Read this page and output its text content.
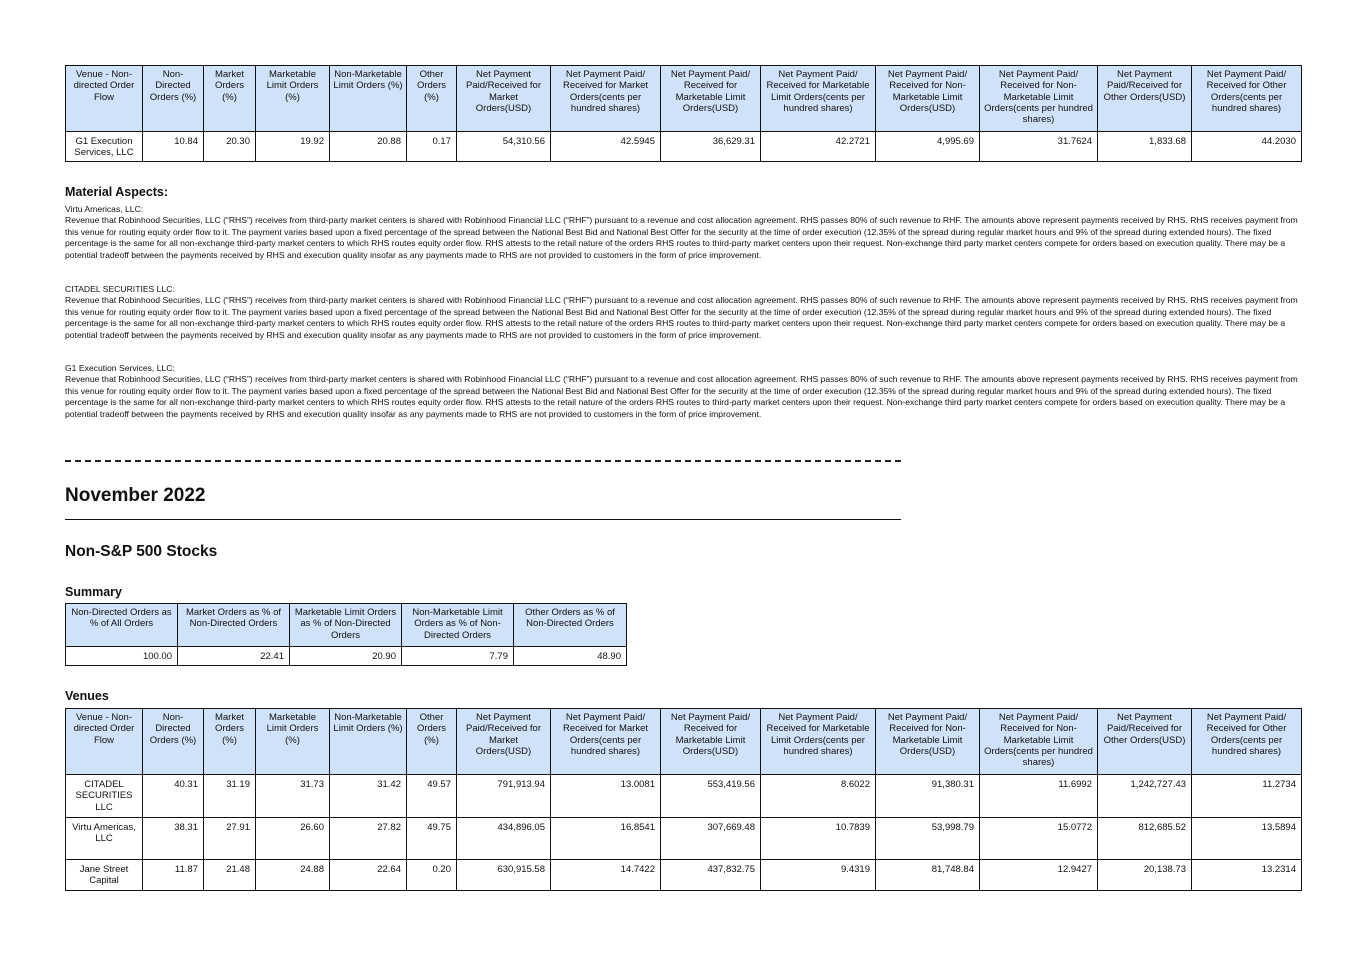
Venue - Non-directed Order Flow	Non-Directed Orders (%)	Market Orders (%)	Marketable Limit Orders (%)	Non-Marketable Limit Orders (%)	Other Orders (%)	Net Payment Paid/Received for Market Orders(USD)	Net Payment Paid/ Received for Market Orders(cents per hundred shares)	Net Payment Paid/ Received for Marketable Limit Orders(USD)	Net Payment Paid/ Received for Marketable Limit Orders(cents per hundred shares)	Net Payment Paid/ Received for Non-Marketable Limit Orders(USD)	Net Payment Paid/ Received for Non-Marketable Limit Orders(cents per hundred shares)	Net Payment Paid/Received for Other Orders(USD)	Net Payment Paid/ Received for Other Orders(cents per hundred shares)
G1 Execution Services, LLC	10.84	20.30	19.92	20.88	0.17	54,310.56	42.5945	36,629.31	42.2721	4,995.69	31.7624	1,833.68	44.2030
Material Aspects:

Virtu Americas, LLC:

Revenue that Robinhood Securities, LLC (“RHS”) receives from third-party market centers is shared with Robinhood Financial LLC (“RHF”) pursuant to a revenue and cost allocation agreement. RHS passes 80% of such revenue to RHF. The amounts above represent payments received by RHS. RHS receives payment from this venue for routing equity order flow to it. The payment varies based upon a fixed percentage of the spread between the National Best Bid and National Best Offer for the security at the time of order execution (12.35% of the spread during regular market hours and 9% of the spread during extended hours). The fixed percentage is the same for all non-exchange third-party market centers to which RHS routes equity order flow. RHS attests to the retail nature of the orders RHS routes to third-party market centers upon their request. Non-exchange third party market centers compete for orders based on execution quality. There may be a potential tradeoff between the payments received by RHS and execution quality insofar as any payments made to RHS are not provided to customers in the form of price improvement.

CITADEL SECURITIES LLC:

Revenue that Robinhood Securities, LLC (“RHS”) receives from third-party market centers is shared with Robinhood Financial LLC (“RHF”) pursuant to a revenue and cost allocation agreement. RHS passes 80% of such revenue to RHF. The amounts above represent payments received by RHS. RHS receives payment from this venue for routing equity order flow to it. The payment varies based upon a fixed percentage of the spread between the National Best Bid and National Best Offer for the security at the time of order execution (12.35% of the spread during regular market hours and 9% of the spread during extended hours). The fixed percentage is the same for all non-exchange third-party market centers to which RHS routes equity order flow. RHS attests to the retail nature of the orders RHS routes to third-party market centers upon their request. Non-exchange third party market centers compete for orders based on execution quality. There may be a potential tradeoff between the payments received by RHS and execution quality insofar as any payments made to RHS are not provided to customers in the form of price improvement.

G1 Execution Services, LLC:

Revenue that Robinhood Securities, LLC (“RHS”) receives from third-party market centers is shared with Robinhood Financial LLC (“RHF”) pursuant to a revenue and cost allocation agreement. RHS passes 80% of such revenue to RHF. The amounts above represent payments received by RHS. RHS receives payment from this venue for routing equity order flow to it. The payment varies based upon a fixed percentage of the spread between the National Best Bid and National Best Offer for the security at the time of order execution (12.35% of the spread during regular market hours and 9% of the spread during extended hours). The fixed percentage is the same for all non-exchange third-party market centers to which RHS routes equity order flow. RHS attests to the retail nature of the orders RHS routes to third-party market centers upon their request. Non-exchange third party market centers compete for orders based on execution quality. There may be a potential tradeoff between the payments received by RHS and execution quality insofar as any payments made to RHS are not provided to customers in the form of price improvement.

November 2022
Non-S&P 500 Stocks
Summary
Non-Directed Orders as % of All Orders	Market Orders as % of Non-Directed Orders	Marketable Limit Orders as % of Non-Directed Orders	Non-Marketable Limit Orders as % of Non-Directed Orders	Other Orders as % of Non-Directed Orders
100.00	22.41	20.90	7.79	48.90
Venues
Venue - Non-directed Order Flow	Non-Directed Orders (%)	Market Orders (%)	Marketable Limit Orders (%)	Non-Marketable Limit Orders (%)	Other Orders (%)	Net Payment Paid/Received for Market Orders(USD)	Net Payment Paid/ Received for Market Orders(cents per hundred shares)	Net Payment Paid/ Received for Marketable Limit Orders(USD)	Net Payment Paid/ Received for Marketable Limit Orders(cents per hundred shares)	Net Payment Paid/ Received for Non-Marketable Limit Orders(USD)	Net Payment Paid/ Received for Non-Marketable Limit Orders(cents per hundred shares)	Net Payment Paid/Received for Other Orders(USD)	Net Payment Paid/ Received for Other Orders(cents per hundred shares)
CITADEL SECURITIES LLC	40.31	31.19	31.73	31.42	49.57	791,913.94	13.0081	553,419.56	8.6022	91,380.31	11.6992	1,242,727.43	11.2734
Virtu Americas, LLC	38.31	27.91	26.60	27.82	49.75	434,896.05	16.8541	307,669.48	10.7839	53,998.79	15.0772	812,685.52	13.5894
Jane Street Capital	11.87	21.48	24.88	22.64	0.20	630,915.58	14.7422	437,832.75	9.4319	81,748.84	12.9427	20,138.73	13.2314
